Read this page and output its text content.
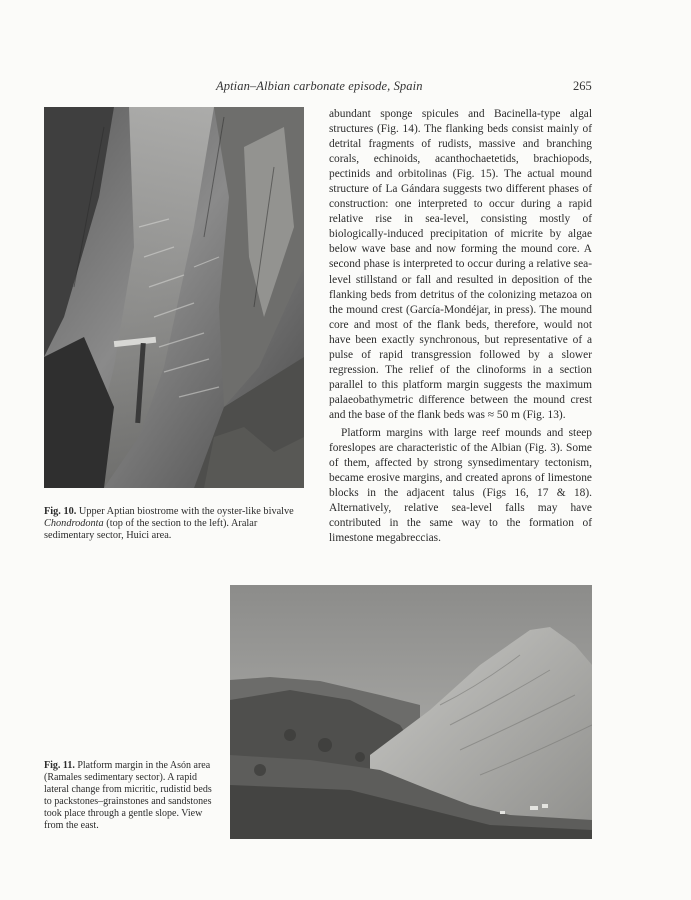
Aptian–Albian carbonate episode, Spain	265

abundant sponge spicules and Bacinella-type algal structures (Fig. 14). The flanking beds consist mainly of detrital fragments of rudists, massive and branching corals, echinoids, acanthochaetetids, brachiopods, pectinids and orbitolinas (Fig. 15). The actual mound structure of La Gándara suggests two different phases of construction: one interpreted to occur during a rapid relative rise in sea-level, consisting mostly of biologically-induced precipitation of micrite by algae below wave base and now forming the mound core. A second phase is interpreted to occur during a relative sea-level stillstand or fall and resulted in deposition of the flanking beds from detritus of the colonizing metazoa on the mound crest (García-Mondéjar, in press). The mound core and most of the flank beds, therefore, would not have been exactly synchronous, but representative of a pulse of rapid transgression followed by a slower regression. The relief of the clinoforms in a section parallel to this platform margin suggests the maximum palaeobathymetric difference between the mound crest and the base of the flank beds was ≈ 50 m (Fig. 13).

Platform margins with large reef mounds and steep foreslopes are characteristic of the Albian (Fig. 3). Some of them, affected by strong synsedimentary tectonism, became erosive margins, and created aprons of limestone blocks in the adjacent talus (Figs 16, 17 & 18). Alternatively, relative sea-level falls may have contributed in the same way to the formation of limestone megabreccias.

Fig. 10. Upper Aptian biostrome with the oyster-like bivalve Chondrodonta (top of the section to the left). Aralar sedimentary sector, Huici area.
Fig. 11. Platform margin in the Asón area (Ramales sedimentary sector). A rapid lateral change from micritic, rudistid beds to packstones–grainstones and sandstones took place through a gentle slope. View from the east.
